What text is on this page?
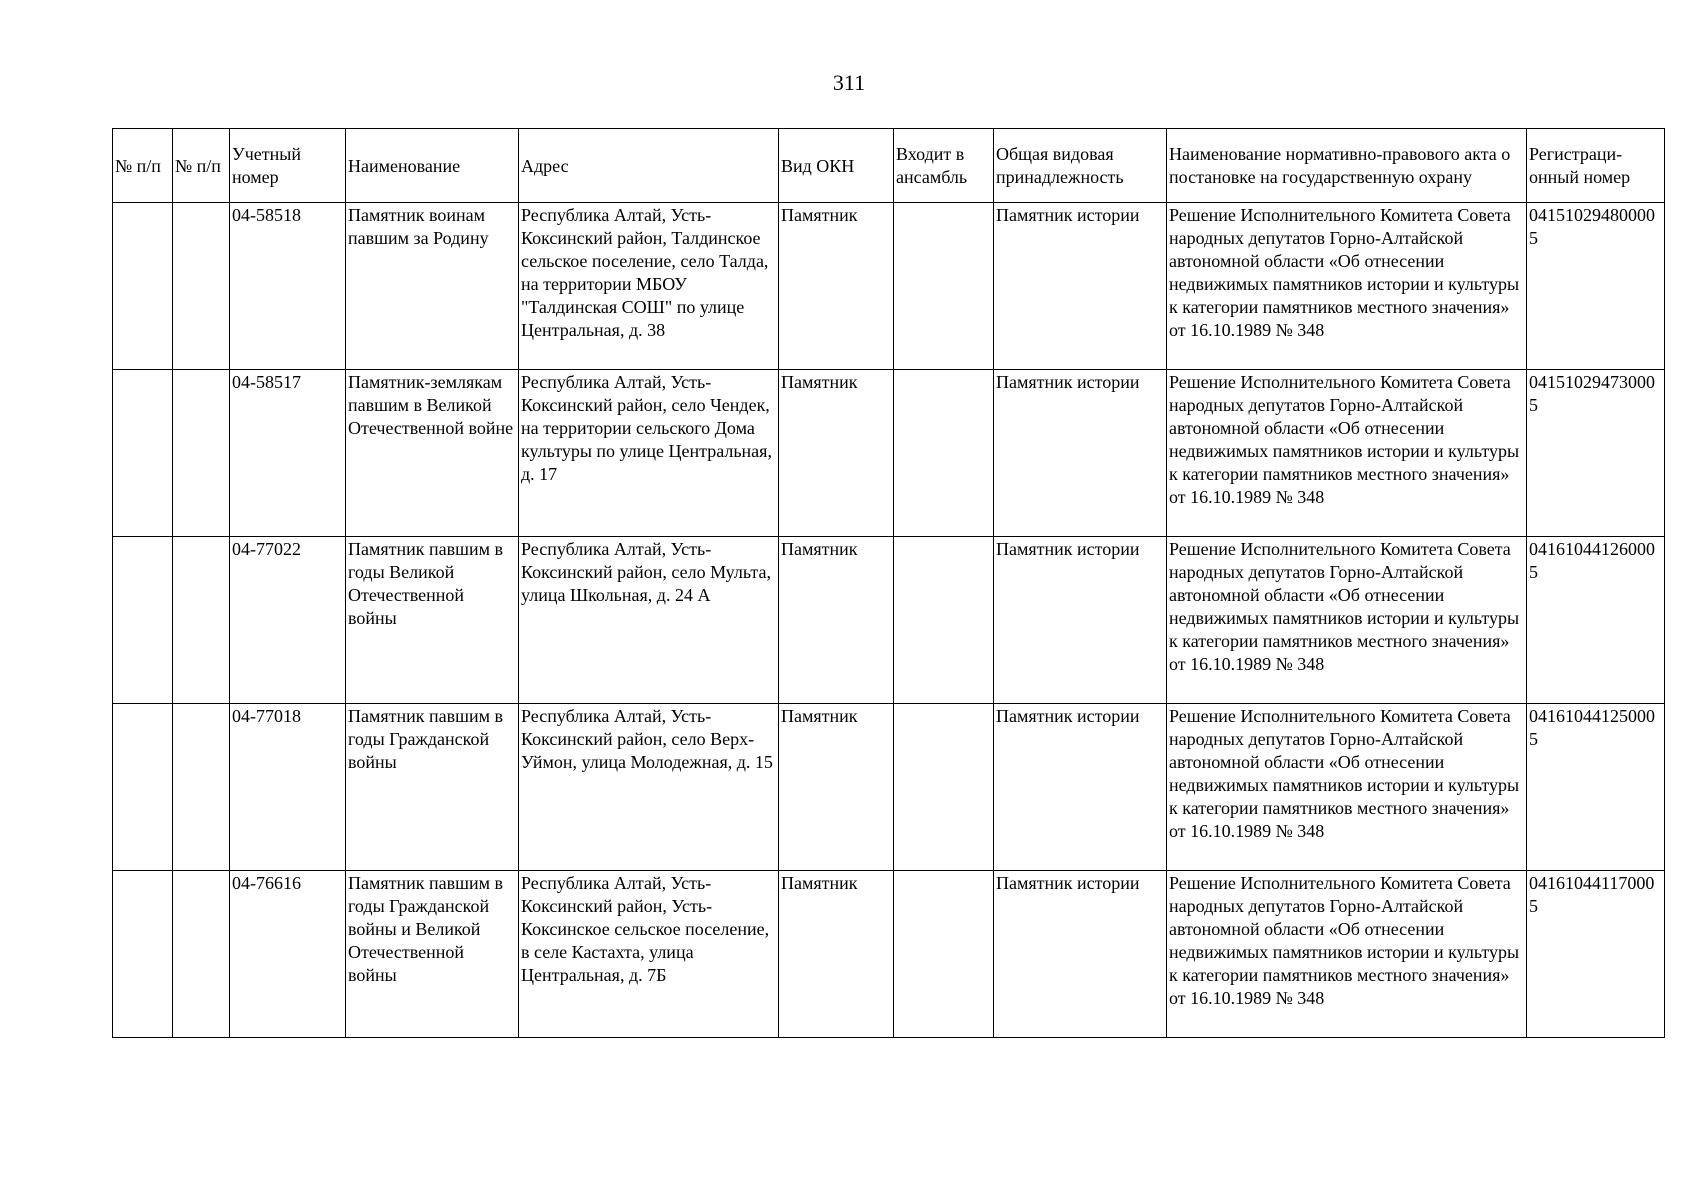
311
№ п/п	№ п/п	Учетный номер	Наименование	Адрес	Вид ОКН	Входит в ансамбль	Общая видовая принадлежность	Наименование нормативно-правового акта о постановке на государственную охрану	Регистраци-онный номер
		04-58518	Памятник воинам павшим за Родину	Республика Алтай, Усть-Коксинский район, Талдинское сельское поселение, село Талда, на территории МБОУ "Талдинская СОШ" по улице Центральная, д. 38	Памятник		Памятник истории	Решение Исполнительного Комитета Совета народных депутатов Горно-Алтайской автономной области «Об отнесении недвижимых памятников истории и культуры к категории памятников местного значения» от 16.10.1989 № 348	041510294800005
		04-58517	Памятник-землякам павшим в Великой Отечественной войне	Республика Алтай, Усть-Коксинский район, село Чендек, на территории сельского Дома культуры по улице Центральная, д. 17	Памятник		Памятник истории	Решение Исполнительного Комитета Совета народных депутатов Горно-Алтайской автономной области «Об отнесении недвижимых памятников истории и культуры к категории памятников местного значения» от 16.10.1989 № 348	041510294730005
		04-77022	Памятник павшим в годы Великой Отечественной войны	Республика Алтай, Усть-Коксинский район, село Мульта, улица Школьная, д. 24 А	Памятник		Памятник истории	Решение Исполнительного Комитета Совета народных депутатов Горно-Алтайской автономной области «Об отнесении недвижимых памятников истории и культуры к категории памятников местного значения» от 16.10.1989 № 348	041610441260005
		04-77018	Памятник павшим в годы Гражданской войны	Республика Алтай, Усть-Коксинский район, село Верх-Уймон, улица Молодежная, д. 15	Памятник		Памятник истории	Решение Исполнительного Комитета Совета народных депутатов Горно-Алтайской автономной области «Об отнесении недвижимых памятников истории и культуры к категории памятников местного значения» от 16.10.1989 № 348	041610441250005
		04-76616	Памятник павшим в годы Гражданской войны и Великой Отечественной войны	Республика Алтай, Усть-Коксинский район, Усть-Коксинское сельское поселение, в селе Кастахта, улица Центральная, д. 7Б	Памятник		Памятник истории	Решение Исполнительного Комитета Совета народных депутатов Горно-Алтайской автономной области «Об отнесении недвижимых памятников истории и культуры к категории памятников местного значения» от 16.10.1989 № 348	041610441170005
